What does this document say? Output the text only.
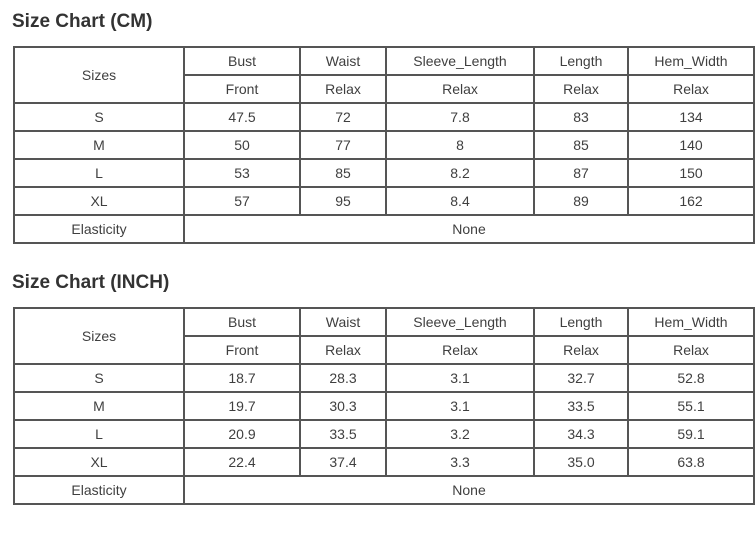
Size Chart (CM)
Sizes	Bust	Waist	Sleeve_Length	Length	Hem_Width
	Front	Relax	Relax	Relax	Relax
S	47.5	72	7.8	83	134
M	50	77	8	85	140
L	53	85	8.2	87	150
XL	57	95	8.4	89	162
Elasticity	None				
Size Chart (INCH)
Sizes	Bust	Waist	Sleeve_Length	Length	Hem_Width
	Front	Relax	Relax	Relax	Relax
S	18.7	28.3	3.1	32.7	52.8
M	19.7	30.3	3.1	33.5	55.1
L	20.9	33.5	3.2	34.3	59.1
XL	22.4	37.4	3.3	35.0	63.8
Elasticity	None				
